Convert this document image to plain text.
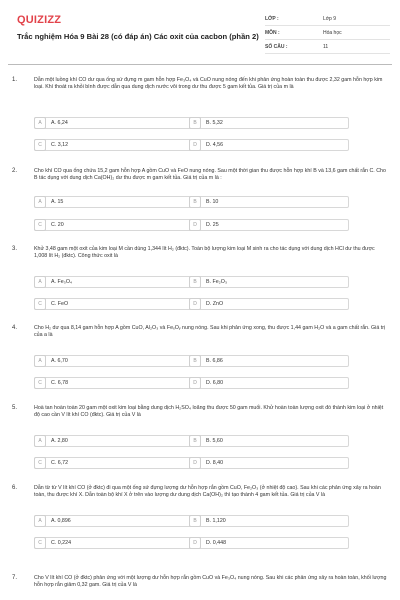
QUIZIZZ
Trắc nghiệm Hóa 9 Bài 28 (có đáp án) Các oxit của cacbon (phần 2)
LỚP :	Lớp 9
MÔN :	Hóa học
SỐ CÂU :	11
1.	Dẫn một luồng khí CO dư qua ống sứ đựng m gam hỗn hợp Fe₃O₄ và CuO nung nóng đến khi phản ứng hoàn toàn thu được 2,32 gam hỗn hợp kim loại. Khí thoát ra khỏi bình được dẫn qua dung dịch nước vôi trong dư thu được 5 gam kết tủa. Giá trị của m là
A	A. 6,24	B	B. 5,32
C	C. 3,12	D	D. 4,56
2.	Cho khí CO qua ống chứa 15,2 gam hỗn hợp A gồm CuO và FeO nung nóng. Sau một thời gian thu được hỗn hợp khí B và 13,6 gam chất rắn C. Cho B tác dụng với dung dịch Ca(OH)₂ dư thu được m gam kết tủa. Giá trị của m là :
A	A. 15	B	B. 10
C	C. 20	D	D. 25
3.	Khử 3,48 gam một oxit của kim loại M cần dùng 1,344 lít H₂ (đktc). Toàn bộ lượng kim loại M sinh ra cho tác dụng với dung dịch HCl dư thu được 1,008 lít H₂ (đktc). Công thức oxit là
A	A. Fe₃O₄	B	B. Fe₂O₃
C	C. FeO	D	D. ZnO
4.	Cho H₂ dư qua 8,14 gam hỗn hợp A gồm CuO, Al₂O₃ và FeₓOᵧ nung nóng. Sau khi phản ứng xong, thu được 1,44 gam H₂O và a gam chất rắn. Giá trị của a là
A	A. 6,70	B	B. 6,86
C	C. 6,78	D	D. 6,80
5.	Hoà tan hoàn toàn 20 gam một oxit kim loại bằng dung dịch H₂SO₄ loãng thu được 50 gam muối. Khử hoàn toàn lượng oxit đó thành kim loại ở nhiệt độ cao cần V lít khí CO (đktc). Giá trị của V là
A	A. 2,80	B	B. 5,60
C	C. 6,72	D	D. 8,40
6.	Dẫn từ từ V lít khí CO (ở đktc) đi qua một ống sứ đựng lượng dư hỗn hợp rắn gồm CuO, Fe₂O₃ (ở nhiệt độ cao). Sau khi các phản ứng xảy ra hoàn toàn, thu được khí X. Dẫn toàn bộ khí X ở trên vào lượng dư dung dịch Ca(OH)₂ thì tạo thành 4 gam kết tủa. Giá trị của V là
A	A. 0,896	B	B. 1,120
C	C. 0,224	D	D. 0,448
7.	Cho V lít khí CO (ở đktc) phản ứng với một lượng dư hỗn hợp rắn gồm CuO và Fe₃O₄ nung nóng. Sau khi các phản ứng xảy ra hoàn toàn, khối lượng hỗn hợp rắn giảm 0,32 gam. Giá trị của V là
